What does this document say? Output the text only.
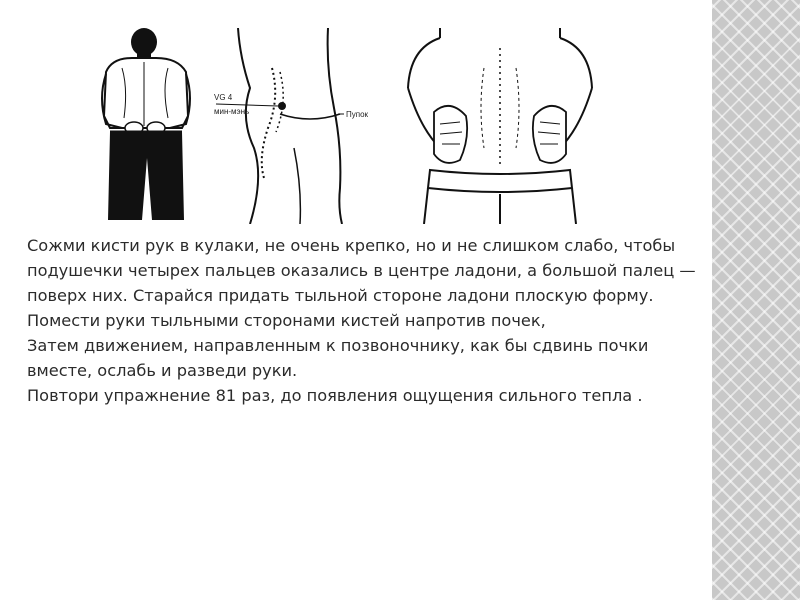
VG 4
мин-мэнь	Пупок

Сожми кисти рук в кулаки, не очень крепко, но и не слишком слабо, чтобы подушечки четырех пальцев оказались в центре ладони, а большой палец — поверх них. Старайся придать тыльной стороне ладони плоскую форму. Помести руки тыльными сторонами кистей напротив почек,

Затем движением, направленным к позвоночнику, как бы сдвинь почки вместе, ослабь и разведи руки.

Повтори упражнение 81 раз, до появления ощущения сильного тепла .
